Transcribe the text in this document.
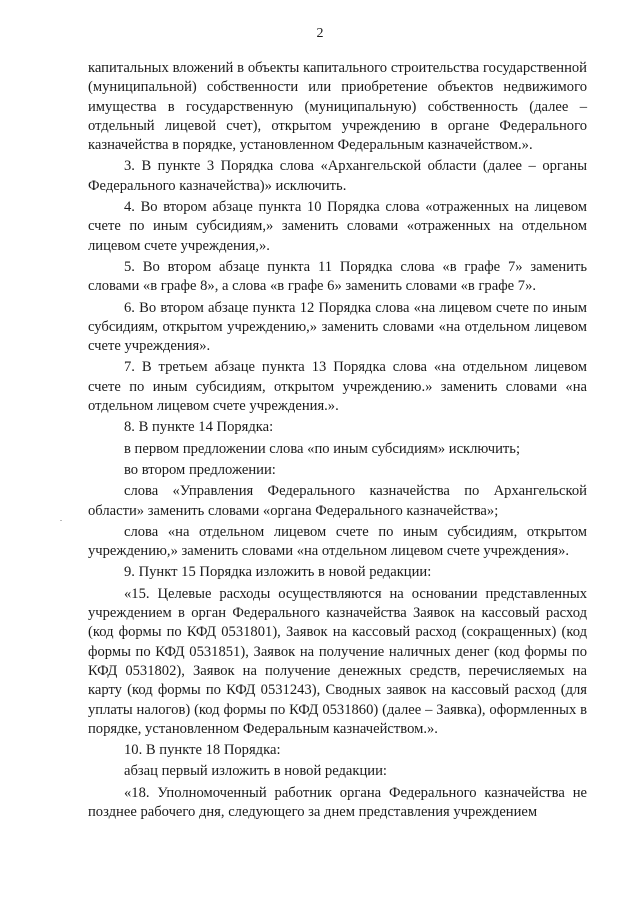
2

капитальных вложений в объекты капитального строительства государственной (муниципальной) собственности или приобретение объектов недвижимого имущества в государственную (муниципальную) собственность (далее – отдельный лицевой счет), открытом учреждению в органе Федерального казначейства в порядке, установленном Федеральным казначейством.».

3. В пункте 3 Порядка слова «Архангельской области (далее – органы Федерального казначейства)» исключить.

4. Во втором абзаце пункта 10 Порядка слова «отраженных на лицевом счете по иным субсидиям,» заменить словами «отраженных на отдельном лицевом счете учреждения,».

5. Во втором абзаце пункта 11 Порядка слова «в графе 7» заменить словами «в графе 8», а слова «в графе 6» заменить словами «в графе 7».

6. Во втором абзаце пункта 12 Порядка слова «на лицевом счете по иным субсидиям, открытом учреждению,» заменить словами «на отдельном лицевом счете учреждения».

7. В третьем абзаце пункта 13 Порядка слова «на отдельном лицевом счете по иным субсидиям, открытом учреждению.» заменить словами «на отдельном лицевом счете учреждения.».

8. В пункте 14 Порядка:

в первом предложении слова «по иным субсидиям» исключить;

во втором предложении:

слова «Управления Федерального казначейства по Архангельской области» заменить словами «органа Федерального казначейства»;

слова «на отдельном лицевом счете по иным субсидиям, открытом учреждению,» заменить словами «на отдельном лицевом счете учреждения».

9. Пункт 15 Порядка изложить в новой редакции:

«15. Целевые расходы осуществляются на основании представленных учреждением в орган Федерального казначейства Заявок на кассовый расход (код формы по КФД 0531801), Заявок на кассовый расход (сокращенных) (код формы по КФД 0531851), Заявок на получение наличных денег (код формы по КФД 0531802), Заявок на получение денежных средств, перечисляемых на карту (код формы по КФД 0531243), Сводных заявок на кассовый расход (для уплаты налогов) (код формы по КФД 0531860) (далее – Заявка), оформленных в порядке, установленном Федеральным казначейством.».

10. В пункте 18 Порядка:

абзац первый изложить в новой редакции:

«18. Уполномоченный работник органа Федерального казначейства не позднее рабочего дня, следующего за днем представления учреждением
